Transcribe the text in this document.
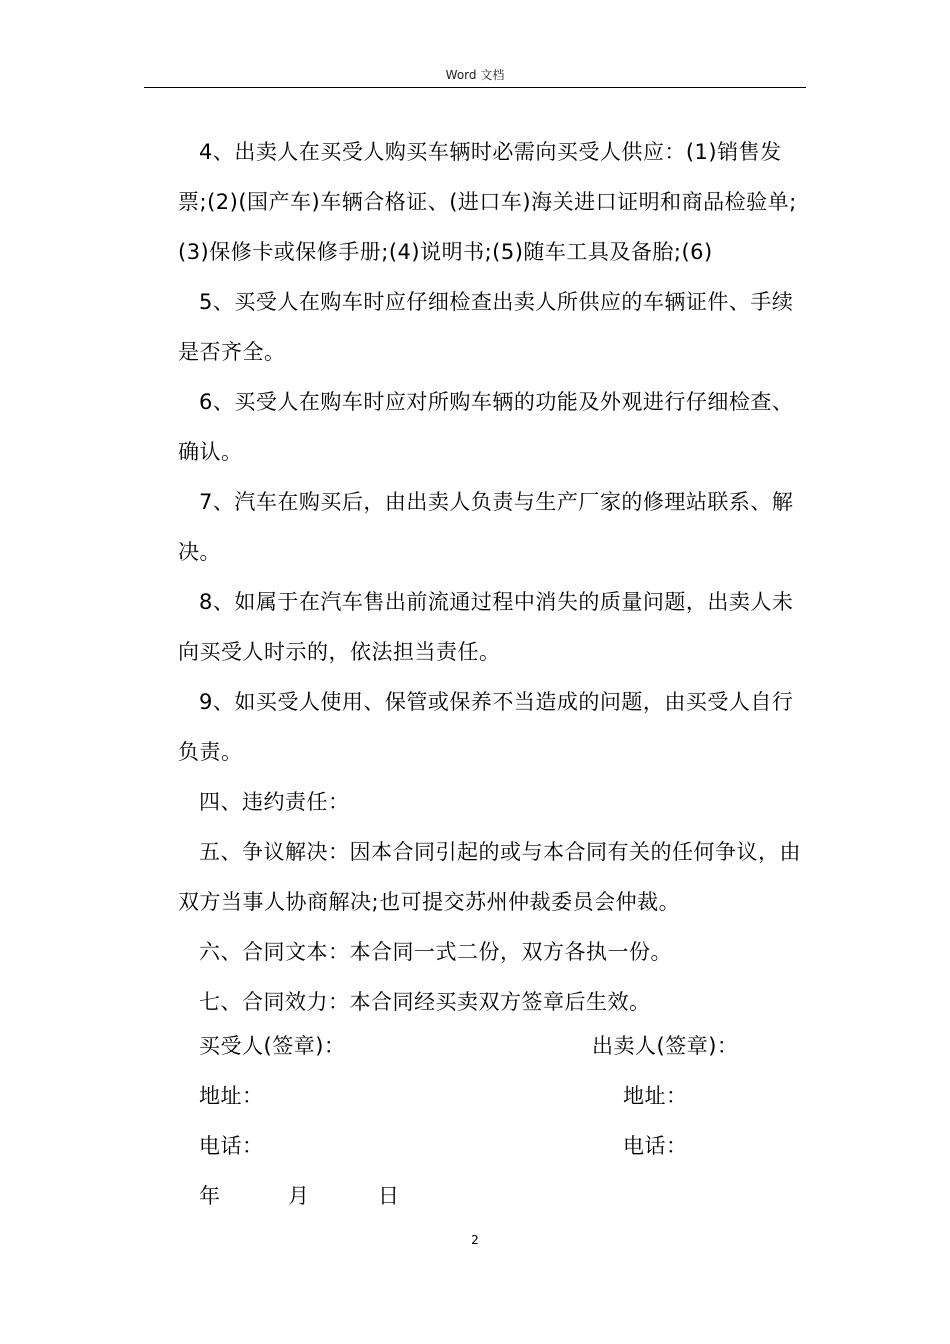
Word 文档

4、出卖人在买受人购买车辆时必需向买受人供应：(1)销售发票;(2)(国产车)车辆合格证、(进口车)海关进口证明和商品检验单;(3)保修卡或保修手册;(4)说明书;(5)随车工具及备胎;(6)

5、买受人在购车时应仔细检查出卖人所供应的车辆证件、手续是否齐全。

6、买受人在购车时应对所购车辆的功能及外观进行仔细检查、确认。

7、汽车在购买后，由出卖人负责与生产厂家的修理站联系、解决。

8、如属于在汽车售出前流通过程中消失的质量问题，出卖人未向买受人时示的，依法担当责任。

9、如买受人使用、保管或保养不当造成的问题，由买受人自行负责。

四、违约责任：

五、争议解决：因本合同引起的或与本合同有关的任何争议，由双方当事人协商解决;也可提交苏州仲裁委员会仲裁。

六、合同文本：本合同一式二份，双方各执一份。

七、合同效力：本合同经买卖双方签章后生效。

买受人(签章)：	出卖人(签章)：
地址：	地址：
电话：	电话：
年	月	日
2
